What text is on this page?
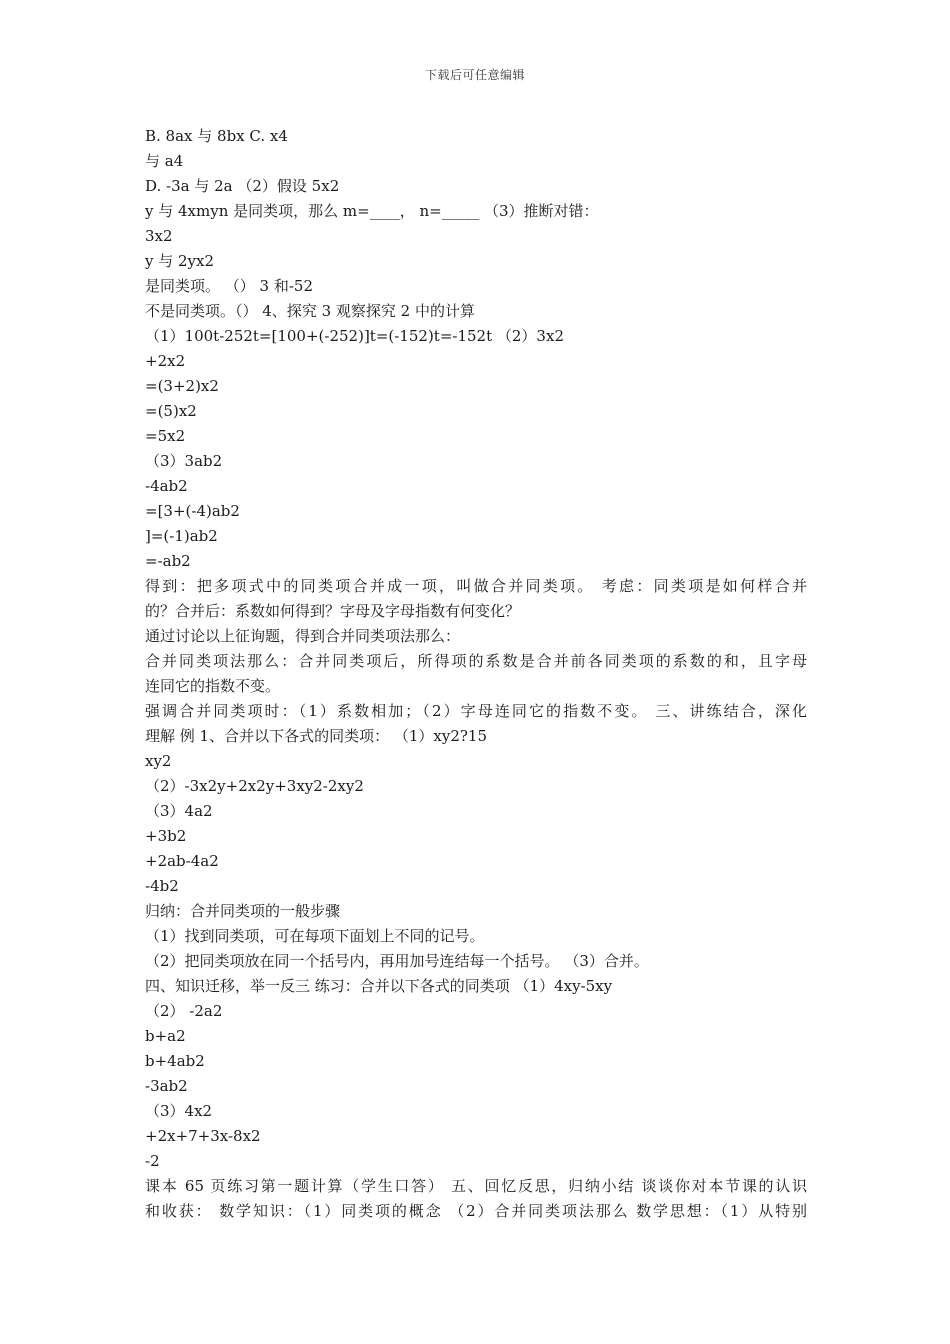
下载后可任意编辑
B. 8ax 与 8bx C. x4
与 a4
D. -3a 与 2a （2）假设 5x2
y 与 4xmyn 是同类项，那么 m=____， n=_____ （3）推断对错：
3x2
y 与 2yx2
是同类项。 （） 3 和-52
不是同类项。（） 4、探究 3 观察探究 2 中的计算
（1）100t-252t=[100+(-252)]t=(-152)t=-152t （2）3x2
+2x2
=(3+2)x2
=(5)x2
=5x2
（3）3ab2
-4ab2
=[3+(-4)ab2
]=(-1)ab2
=-ab2
得到：把多项式中的同类项合并成一项，叫做合并同类项。 考虑：同类项是如何样合并
的？合并后：系数如何得到？字母及字母指数有何变化？
通过讨论以上征询题，得到合并同类项法那么：
合并同类项法那么：合并同类项后，所得项的系数是合并前各同类项的系数的和，且字母
连同它的指数不变。
强调合并同类项时：（1）系数相加；（2）字母连同它的指数不变。 三、讲练结合，深化
理解 例 1、合并以下各式的同类项： （1）xy2?15
xy2
（2）-3x2y+2x2y+3xy2-2xy2
（3）4a2
+3b2
+2ab-4a2
-4b2
归纳：合并同类项的一般步骤
（1）找到同类项，可在每项下面划上不同的记号。
（2）把同类项放在同一个括号内，再用加号连结每一个括号。 （3）合并。
四、知识迁移，举一反三 练习：合并以下各式的同类项 （1）4xy-5xy
（2） -2a2
b+a2
b+4ab2
-3ab2
（3）4x2
+2x+7+3x-8x2
-2
课本 65 页练习第一题计算（学生口答） 五、回忆反思，归纳小结 谈谈你对本节课的认识
和收获： 数学知识：（1）同类项的概念 （2）合并同类项法那么 数学思想：（1）从特别
